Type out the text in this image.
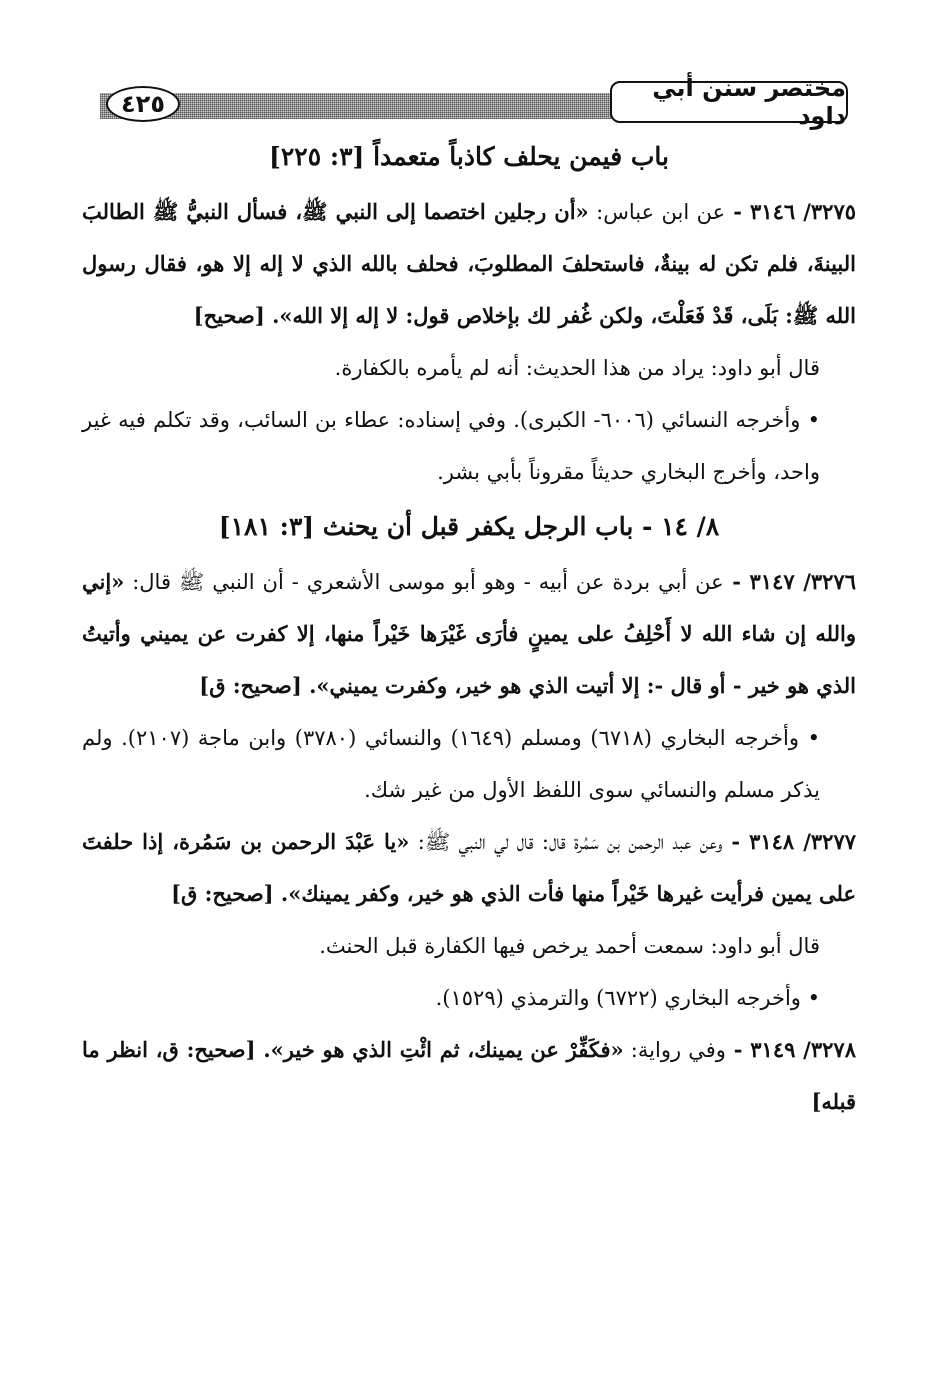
مختصر سنن أبي داود
٤٢٥
باب فيمن يحلف كاذباً متعمداً [٣: ٢٢٥]

٣٢٧٥/ ٣١٤٦ - عن ابن عباس: «أن رجلين اختصما إلى النبي ﷺ، فسأل النبيُّ ﷺ الطالبَ البينةَ، فلم تكن له بينةٌ، فاستحلفَ المطلوبَ، فحلف بالله الذي لا إله إلا هو، فقال رسول الله ﷺ: بَلَى، قَدْ فَعَلْتَ، ولكن غُفر لك بإخلاص قول: لا إله إلا الله». [صحيح]

قال أبو داود: يراد من هذا الحديث: أنه لم يأمره بالكفارة.

• وأخرجه النسائي (٦٠٠٦- الكبرى). وفي إسناده: عطاء بن السائب، وقد تكلم فيه غير واحد، وأخرج البخاري حديثاً مقروناً بأبي بشر.

٨/ ١٤ - باب الرجل يكفر قبل أن يحنث [٣: ١٨١]

٣٢٧٦/ ٣١٤٧ - عن أبي بردة عن أبيه - وهو أبو موسى الأشعري - أن النبي ﷺ قال: «إني والله إن شاء الله لا أَحْلِفُ على يمينٍ فأرَى غَيْرَها خَيْراً منها، إلا كفرت عن يميني وأتيتُ الذي هو خير - أو قال -: إلا أتيت الذي هو خير، وكفرت يميني». [صحيح: ق]

• وأخرجه البخاري (٦٧١٨) ومسلم (١٦٤٩) والنسائي (٣٧٨٠) وابن ماجة (٢١٠٧). ولم يذكر مسلم والنسائي سوى اللفظ الأول من غير شك.

٣٢٧٧/ ٣١٤٨ - وعن عبد الرحمن بن سَمُرة قال: قال لي النبي ﷺ: «يا عَبْدَ الرحمن بن سَمُرة، إذا حلفتَ على يمين فرأيت غيرها خَيْراً منها فأت الذي هو خير، وكفر يمينك». [صحيح: ق]

قال أبو داود: سمعت أحمد يرخص فيها الكفارة قبل الحنث.

• وأخرجه البخاري (٦٧٢٢) والترمذي (١٥٢٩).

٣٢٧٨/ ٣١٤٩ - وفي رواية: «فكَفِّرْ عن يمينك، ثم ائْتِ الذي هو خير». [صحيح: ق، انظر ما قبله]
